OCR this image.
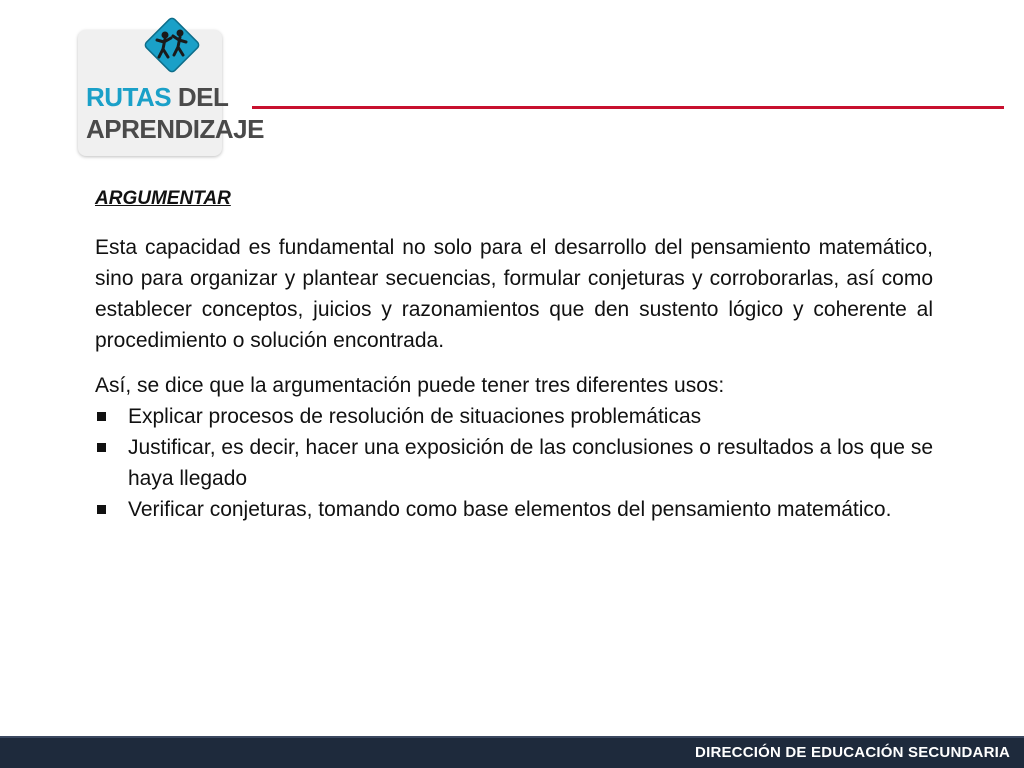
RUTAS DEL
APRENDIZAJE
ARGUMENTAR

Esta capacidad es fundamental no solo para el desarrollo del pensamiento matemático, sino para organizar y plantear secuencias, formular conjeturas y corroborarlas, así como establecer conceptos, juicios y razonamientos que den sustento lógico y coherente al procedimiento o solución encontrada.

Así, se dice que la argumentación puede tener tres diferentes usos:

Explicar procesos de resolución de situaciones problemáticas
Justificar, es decir, hacer una exposición de las conclusiones o resultados a los que se haya llegado
Verificar conjeturas, tomando como base elementos del pensamiento matemático.
DIRECCIÓN DE EDUCACIÓN SECUNDARIA
